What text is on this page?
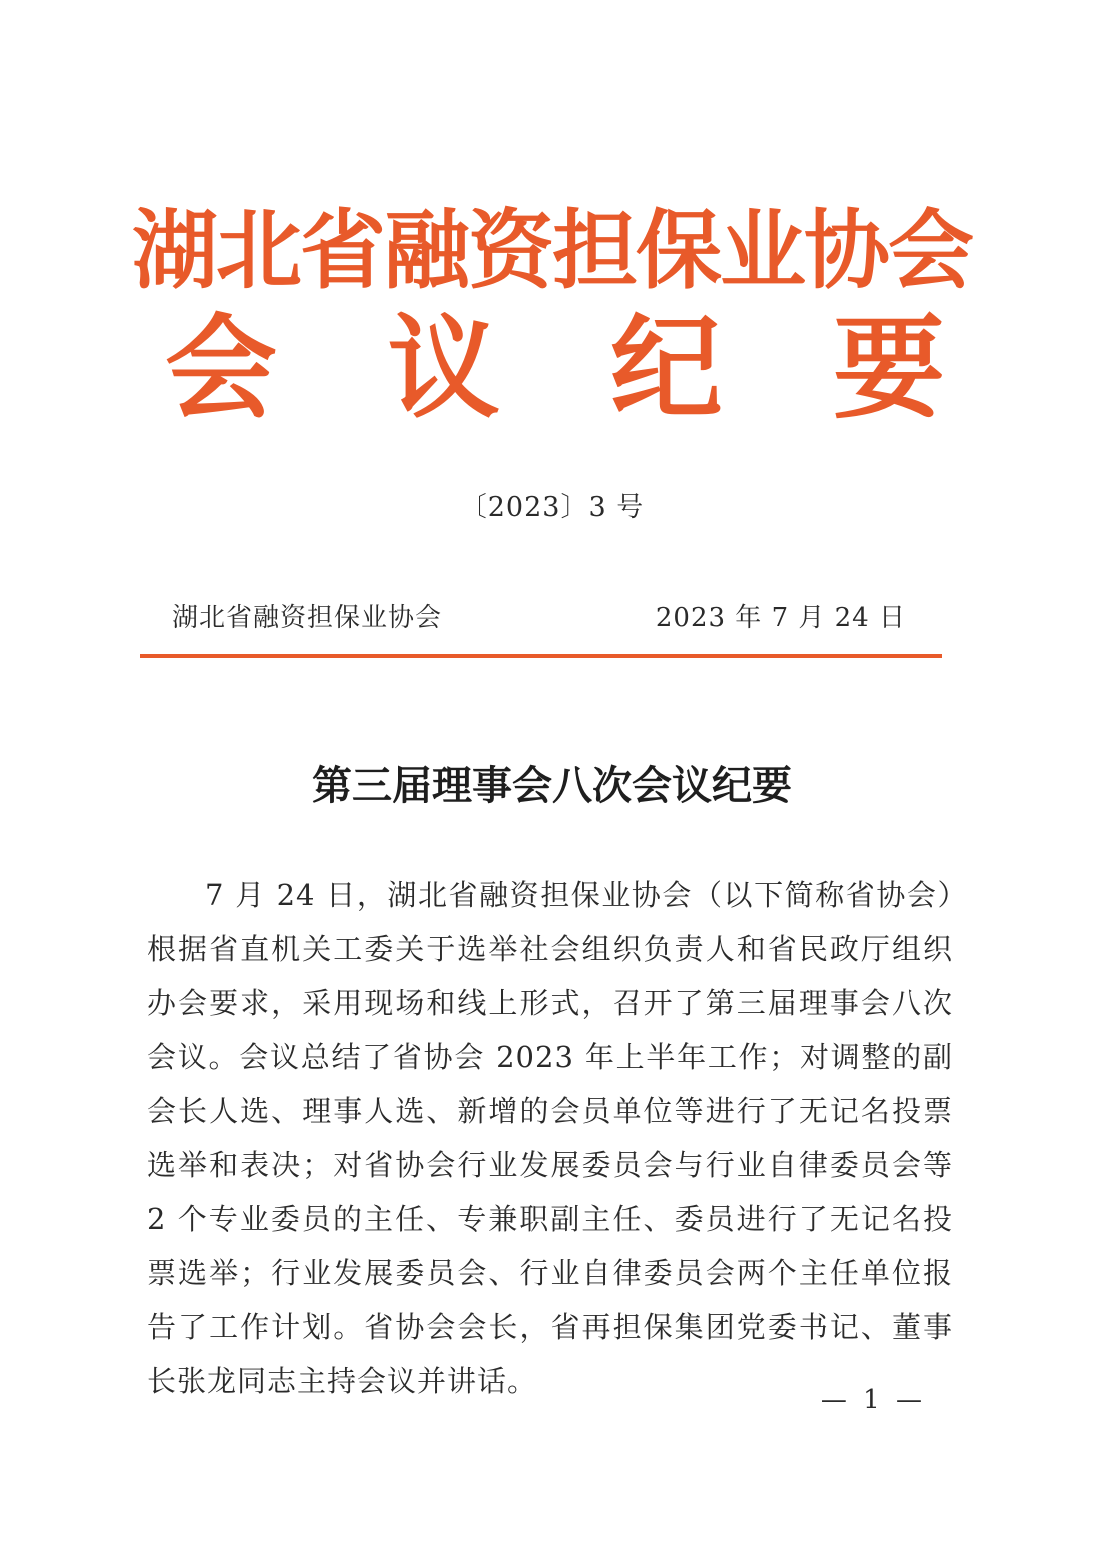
湖北省融资担保业协会
会 议 纪 要
〔2023〕3 号
湖北省融资担保业协会	2023 年 7 月 24 日
第三届理事会八次会议纪要

7 月 24 日，湖北省融资担保业协会（以下简称省协会）根据省直机关工委关于选举社会组织负责人和省民政厅组织办会要求，采用现场和线上形式，召开了第三届理事会八次会议。会议总结了省协会 2023 年上半年工作；对调整的副会长人选、理事人选、新增的会员单位等进行了无记名投票选举和表决；对省协会行业发展委员会与行业自律委员会等 2 个专业委员的主任、专兼职副主任、委员进行了无记名投票选举；行业发展委员会、行业自律委员会两个主任单位报告了工作计划。省协会会长，省再担保集团党委书记、董事长张龙同志主持会议并讲话。

— 1 —
